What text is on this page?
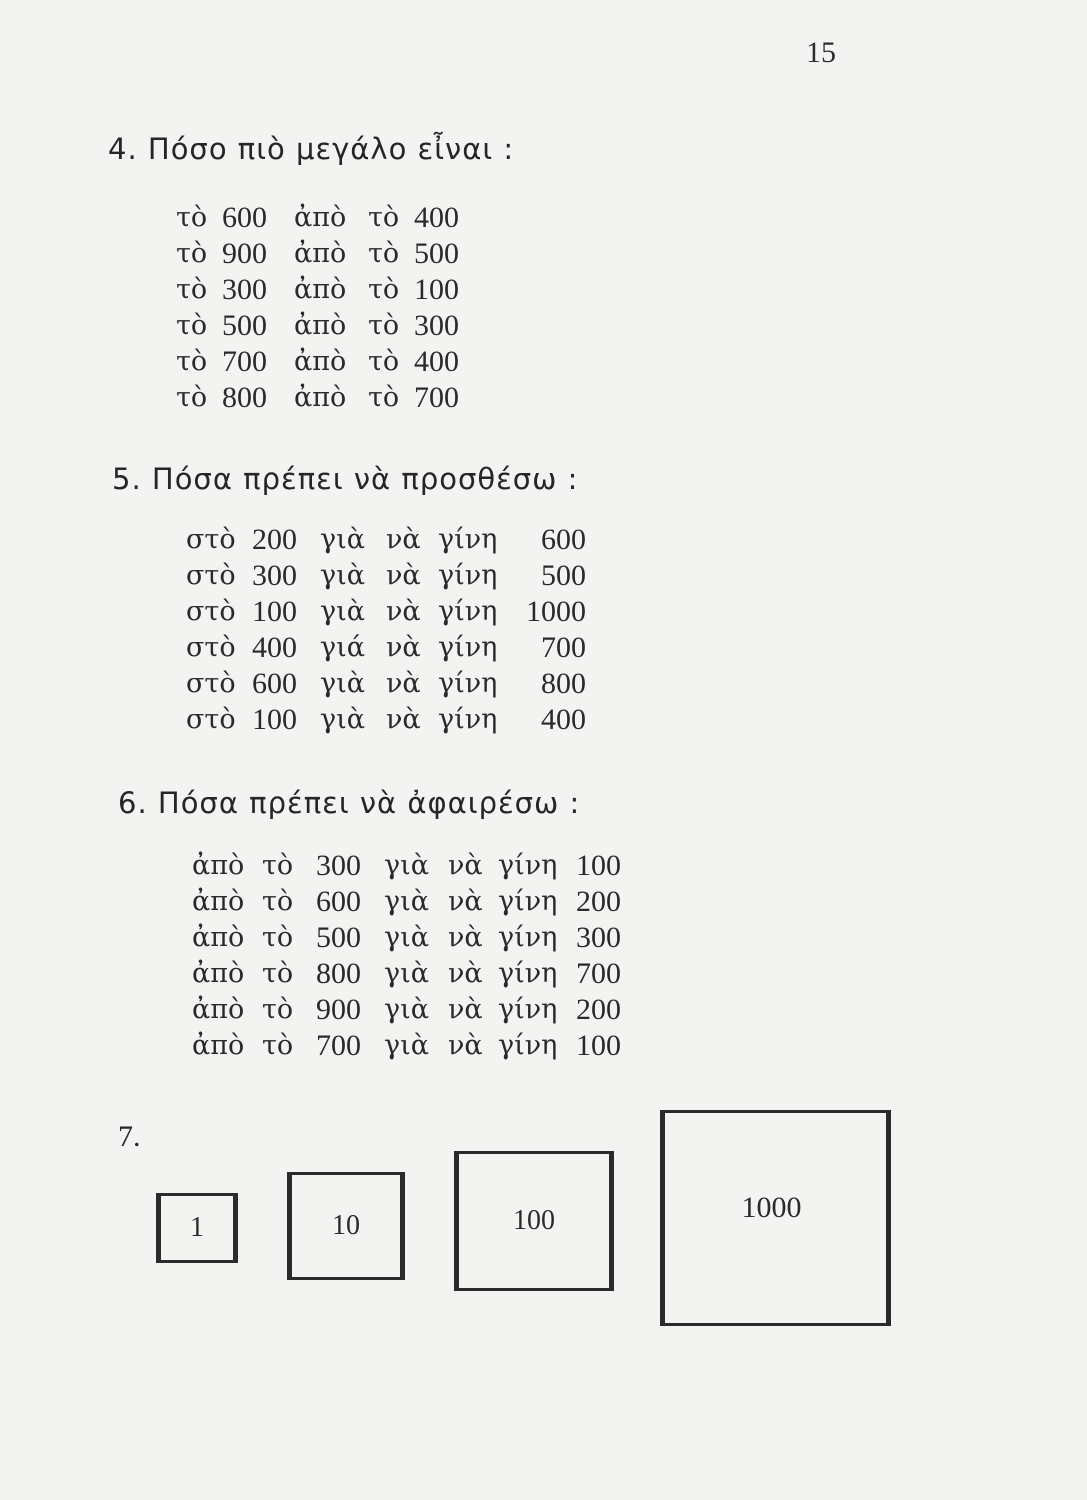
15
4. Πόσο πιὸ μεγάλο εἶναι :
τὸ 600	ἀπὸ τὸ 400
τὸ 900	ἀπὸ τὸ 500
τὸ 300	ἀπὸ τὸ 100
τὸ 500	ἀπὸ τὸ 300
τὸ 700	ἀπὸ τὸ 400
τὸ 800	ἀπὸ τὸ 700
5. Πόσα πρέπει νὰ προσθέσω :
στὸ 200 γιὰ νὰ γίνη	600
στὸ 300 γιὰ νὰ γίνη	500
στὸ 100 γιὰ νὰ γίνη 1000
στὸ 400 γιά νὰ γίνη	700
στὸ 600 γιὰ νὰ γίνη	800
στὸ 100 γιὰ νὰ γίνη	400
6. Πόσα πρέπει νὰ ἀφαιρέσω :
ἀπὸ τὸ 300 γιὰ νὰ γίνη 100
ἀπὸ τὸ 600 γιὰ νὰ γίνη 200
ἀπὸ τὸ 500 γιὰ νὰ γίνη 300
ἀπὸ τὸ 800 γιὰ νὰ γίνη 700
ἀπὸ τὸ 900 γιὰ νὰ γίνη 200
ἀπὸ τὸ 700 γιὰ νὰ γίνη 100
7.
1	10	100	1000
